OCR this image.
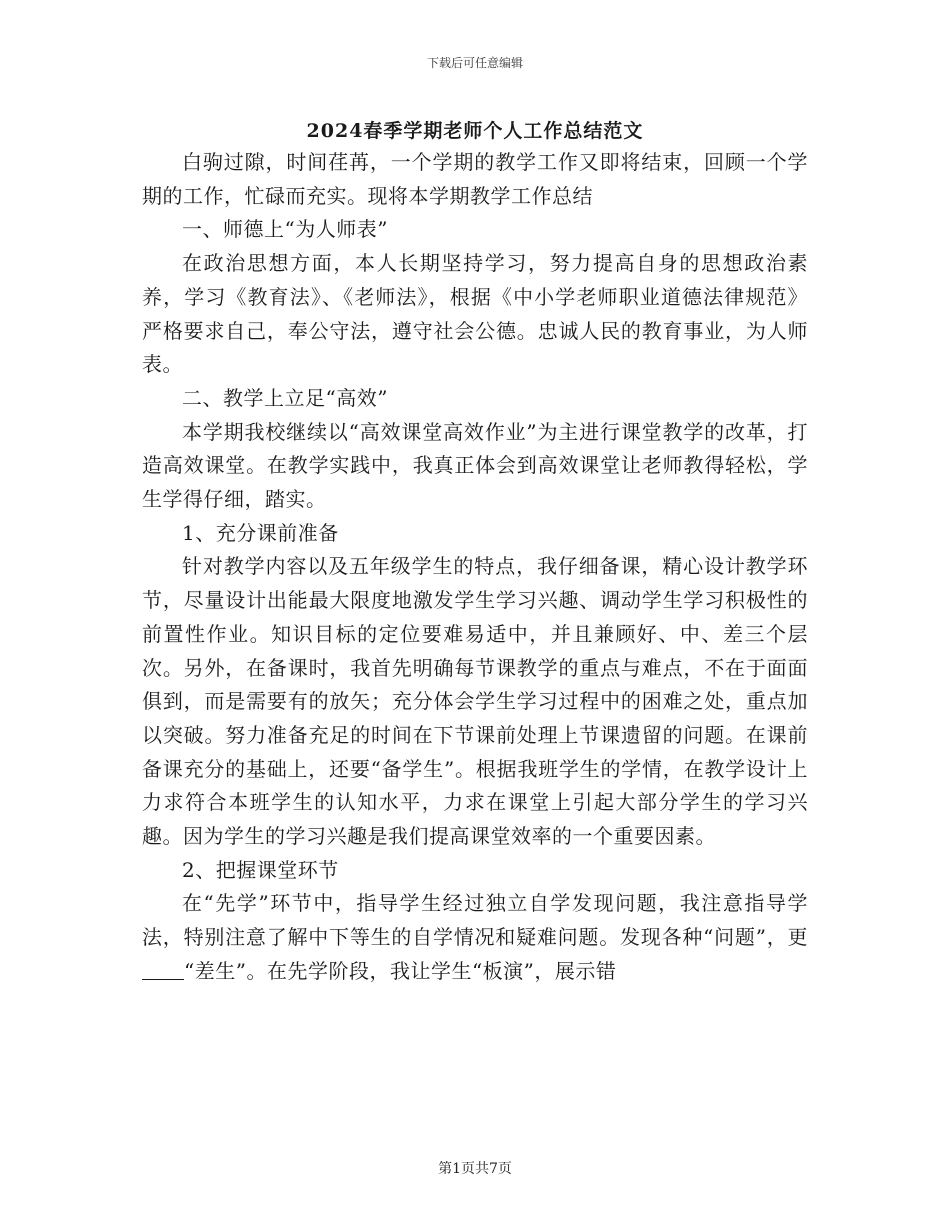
下载后可任意编辑
2024春季学期老师个人工作总结范文

白驹过隙，时间荏苒，一个学期的教学工作又即将结束，回顾一个学期的工作，忙碌而充实。现将本学期教学工作总结

一、师德上“为人师表”

在政治思想方面，本人长期坚持学习，努力提高自身的思想政治素养，学习《教育法》、《老师法》，根据《中小学老师职业道德法律规范》严格要求自己，奉公守法，遵守社会公德。忠诚人民的教育事业，为人师表。

二、教学上立足“高效”

本学期我校继续以“高效课堂高效作业”为主进行课堂教学的改革，打造高效课堂。在教学实践中，我真正体会到高效课堂让老师教得轻松，学生学得仔细，踏实。

1、充分课前准备

针对教学内容以及五年级学生的特点，我仔细备课，精心设计教学环节，尽量设计出能最大限度地激发学生学习兴趣、调动学生学习积极性的前置性作业。知识目标的定位要难易适中，并且兼顾好、中、差三个层次。另外，在备课时，我首先明确每节课教学的重点与难点，不在于面面俱到，而是需要有的放矢；充分体会学生学习过程中的困难之处，重点加以突破。努力准备充足的时间在下节课前处理上节课遗留的问题。在课前备课充分的基础上，还要“备学生”。根据我班学生的学情，在教学设计上力求符合本班学生的认知水平，力求在课堂上引起大部分学生的学习兴趣。因为学生的学习兴趣是我们提高课堂效率的一个重要因素。

2、把握课堂环节

在“先学”环节中，指导学生经过独立自学发现问题，我注意指导学法，特别注意了解中下等生的自学情况和疑难问题。发现各种“问题”，更“差生”。在先学阶段，我让学生“板演”，展示错

第1页共7页
